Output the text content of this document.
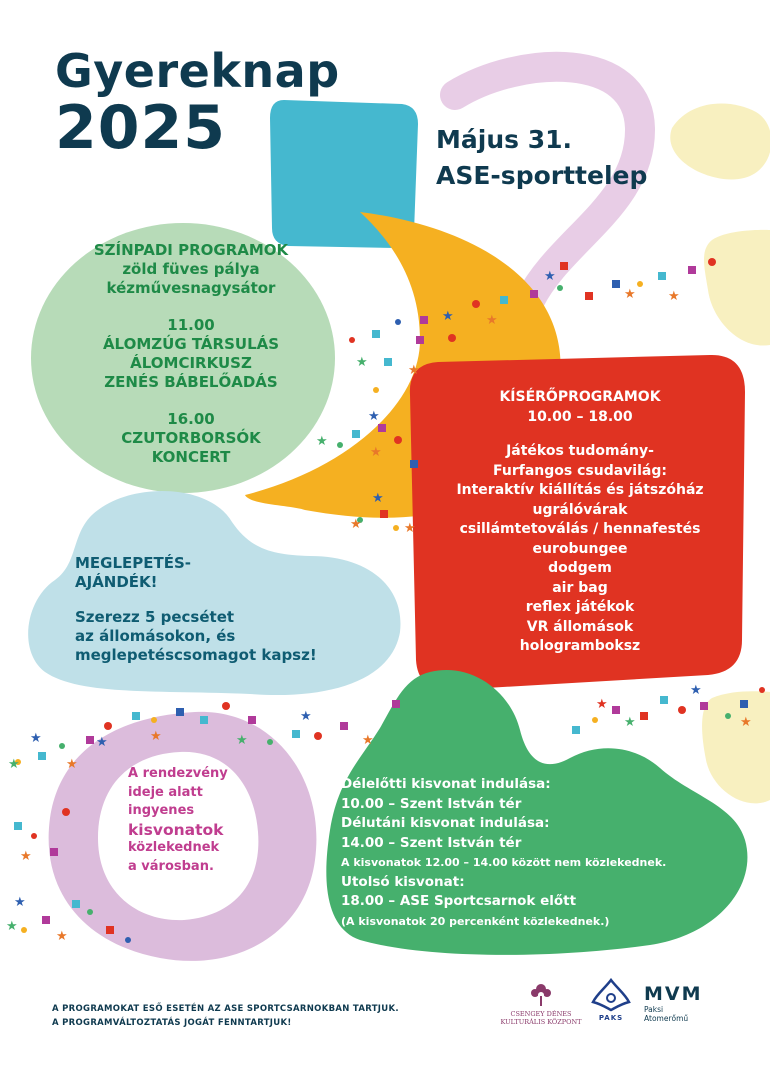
★
★
★
★ ★
★
★
★
★
★
★
★	★
★
★
★
★
★
★
★
★
★
★
★
★
★
★
★
★
Gyereknap
2025	Május 31.
ASE-sporttelep
SZÍNPADI PROGRAMOK
zöld füves pálya
kézművesnagysátor
11.00
ÁLOMZÚG TÁRSULÁS
ÁLOMCIRKUSZ
ZENÉS BÁBELŐADÁS
16.00
CZUTORBORSÓK
KONCERT
KÍSÉRŐPROGRAMOK
10.00 – 18.00
Játékos tudomány-
Furfangos csudavilág:
Interaktív kiállítás és játszóház
ugrálóvárak
csillámtetoválás / hennafestés
eurobungee
dodgem
air bag
reflex játékok
VR állomások
hologramboksz
MEGLEPETÉS-
AJÁNDÉK!
Szerezz 5 pecsétet
az állomásokon, és
meglepetéscsomagot kapsz!
A rendezvény
ideje alatt
ingyenes
kisvonatok
közlekednek
a városban.
Délelőtti kisvonat indulása:
10.00 – Szent István tér
Délutáni kisvonat indulása:
14.00 – Szent István tér
A kisvonatok 12.00 – 14.00 között nem közlekednek.
Utolsó kisvonat:
18.00 – ASE Sportcsarnok előtt
(A kisvonatok 20 percenként közlekednek.)
A PROGRAMOKAT ESŐ ESETÉN AZ ASE SPORTCSARNOKBAN TARTJUK.
A PROGRAMVÁLTOZTATÁS JOGÁT FENNTARTJUK!
CSENGEY DÉNES
KULTURÁLIS KÖZPONT	PAKS
MVM
Paksi
Atomerőmű
